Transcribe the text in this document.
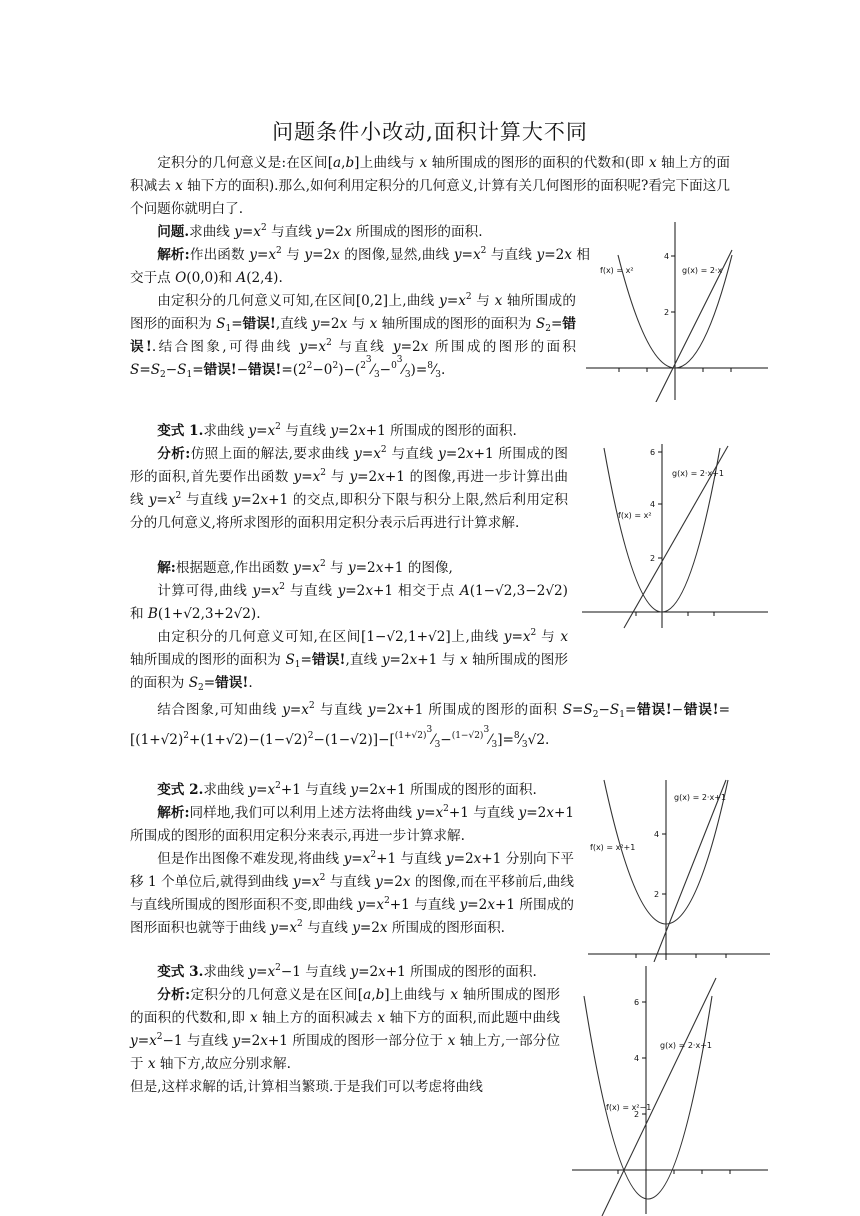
问题条件小改动,面积计算大不同
定积分的几何意义是:在区间[a,b]上曲线与 x 轴所围成的图形的面积的代数和(即 x 轴上方的面积减去 x 轴下方的面积).那么,如何利用定积分的几何意义,计算有关几何图形的面积呢?看完下面这几个问题你就明白了.
问题.求曲线 $y=x^2$ 与直线 y=2x 所围成的图形的面积.
解析:作出函数 $y=x^2$ 与 y=2x 的图像,显然,曲线 $y=x^2$ 与直线 y=2x 相交于点 O(0,0)和 A(2,4).
由定积分的几何意义可知,在区间[0,2]上,曲线 $y=x^2$ 与 x 轴所围成的图形的面积为 $S_1=$错误!,直线 y=2x 与 x 轴所围成的图形的面积为 $S_2=$错误!.结合图象,可得曲线 $y=x^2$ 与直线 y=2x 所围成的图形的面积 $S=S_2-S_1=$错误!−错误$!=(2^2-0^2)-(^{2^3}⁄_3-^{0^3}⁄_3)=^8⁄_3$.
4
2
f(x) = x²	g(x) = 2·x
变式 1.求曲线 $y=x^2$ 与直线 y=2x+1 所围成的图形的面积.
分析:仿照上面的解法,要求曲线 $y=x^2$ 与直线 y=2x+1 所围成的图形的面积,首先要作出函数 $y=x^2$ 与 y=2x+1 的图像,再进一步计算出曲线 $y=x^2$ 与直线 y=2x+1 的交点,即积分下限与积分上限,然后利用定积分的几何意义,将所求图形的面积用定积分表示后再进行计算求解.
解:根据题意,作出函数 $y=x^2$ 与 y=2x+1 的图像,
计算可得,曲线 $y=x^2$ 与直线 y=2x+1 相交于点 A(1−√2,3−2√2)和 B(1+√2,3+2√2).
由定积分的几何意义可知,在区间[1−√2,1+√2]上,曲线 $y=x^2$ 与 x 轴所围成的图形的面积为 $S_1=$错误!,直线 y=2x+1 与 x 轴所围成的图形的面积为 $S_2=$错误!.
结合图象,可知曲线 $y=x^2$ 与直线 y=2x+1 所围成的图形的面积 $S=S_2-S_1=$错误!−错误$!=[(1+√2)^2+(1+√2)-(1-√2)^2-(1-√2)]-[^{(1+√2)^3}⁄_3-^{(1-√2)^3}⁄_3]=^8⁄_3√2$.
6
4
2
f(x) = x²
g(x) = 2·x+1
变式 2.求曲线 $y=x^2+1$ 与直线 y=2x+1 所围成的图形的面积.
解析:同样地,我们可以利用上述方法将曲线 $y=x^2+1$ 与直线 y=2x+1 所围成的图形的面积用定积分来表示,再进一步计算求解.
但是作出图像不难发现,将曲线 $y=x^2+1$ 与直线 y=2x+1 分别向下平移 1 个单位后,就得到曲线 $y=x^2$ 与直线 y=2x 的图像,而在平移前后,曲线与直线所围成的图形面积不变,即曲线 $y=x^2+1$ 与直线 y=2x+1 所围成的图形面积也就等于曲线 $y=x^2$ 与直线 y=2x 所围成的图形面积.
4
2
f(x) = x²+1
g(x) = 2·x+1
变式 3.求曲线 $y=x^2-1$ 与直线 y=2x+1 所围成的图形的面积.
分析:定积分的几何意义是在区间[a,b]上曲线与 x 轴所围成的图形的面积的代数和,即 x 轴上方的面积减去 x 轴下方的面积,而此题中曲线 $y=x^2-1$ 与直线 y=2x+1 所围成的图形一部分位于 x 轴上方,一部分位于 x 轴下方,故应分别求解.
但是,这样求解的话,计算相当繁琐.于是我们可以考虑将曲线
6
4
2
f(x) = x²−1
g(x) = 2·x+1
